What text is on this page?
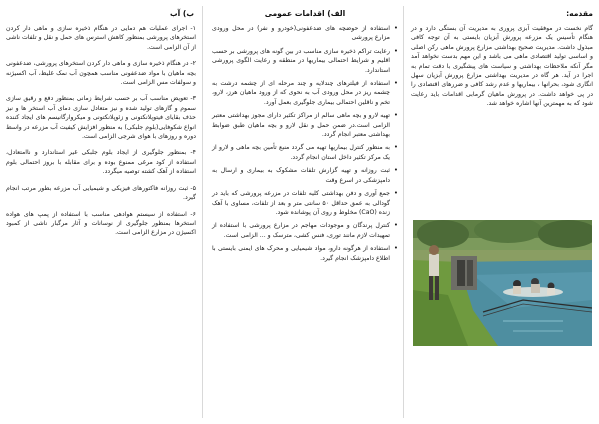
مقدمه:

گام نخست در موفقیت آبزی پروری به مدیریت آن بستگی دارد و در هنگام تأسیس یک مزرعه پرورش آبزیان بایستی به آن توجه کافی مبذول داشت. مدیریت صحیح بهداشتی مزارع پرورش ماهی رکن اصلی و اساسی تولید اقتصادی ماهی می باشد و این مهم بدست نخواهد آمد مگر آنکه ملاحظات بهداشتی و سیاست های پیشگیری با دقت تمام به اجرا در آید. هر گاه در مدیریت بهداشتی مزارع پرورش آبزیان سهل انگاری شود، بحرانها ، بیماریها و عدم رشد کافی و ضررهای اقتصادی را در پی خواهد داشت. در پرورش ماهیان گرمابی اقدامات باید رعایت شود که به مهمترین آنها اشاره خواهد شد.

الف) اقدامات عمومی

• استفاده از حوضچه های ضدعفونی(خودرو و نفر) در محل ورودی مزارع پرورشی

• رعایت تراکم ذخیره سازی مناسب در بین گونه های پرورشی بر حسب اقلیم و شرایط احتمالی بیماریها در منطقه و رعایت الگوی پرورشی استاندارد.

• استفاده از فیلترهای چندلایه و چند مرحله ای از چشمه درشت به چشمه ریز در محل ورودی آب به نحوی که از ورود ماهیان هرز، لارو، تخم و ناقلین احتمالی بیماری جلوگیری بعمل آورد.

• تهیه لارو و بچه ماهی سالم از مراکز تکثیر دارای مجوز بهداشتی معتبر الزامی است.در ضمن حمل و نقل لارو و بچه ماهیان طبق ضوابط بهداشتی معتبر انجام گردد.

• به منظور کنترل بیماریها تهیه می گردد منبع تأمین بچه ماهی و لارو از یک مرکز تکثیر داخل استان انجام گردد.

• ثبت روزانه و تهیه گزارش تلفات مشکوک به بیماری و ارسال به دامپزشکی در اسرع وقت

• جمع آوری و دفن بهداشتی کلیه تلفات در مزرعه پرورشی که باید در گودالی به عمق حداقل ۵۰ سانتی متر و بعد از تلفات، مساوی با آهک زنده (CaO) مخلوط و روی آن پوشانده شود.

• کنترل پرندگان و موجودات مهاجم در مزارع پرورشی با استفاده از تمهیدات لازم مانند توری، فنس کشی، مترسک و ... الزامی است.

• استفاده از هرگونه دارو، مواد شیمیایی و محرک های ایمنی بایستی با اطلاع دامپزشک انجام گیرد.

ب) آب

۱- اجرای عملیات هم دمایی در هنگام ذخیره سازی و ماهی دار کردن استخرهای پرورشی بمنظور کاهش استرس های حمل و نقل و تلفات ناشی از آن الزامی است.

۲- در هنگام ذخیره سازی و ماهی دار کردن استخرهای پرورشی، ضدعفونی بچه ماهیان با مواد ضدعفونی مناسب همچون آب نمک غلیظ، آب اکسیژنه و سولفات مس الزامی است.

۳- تعویض مناسب آب بر حسب شرایط زمانی بمنظور دفع و رقیق سازی سموم و گازهای تولید شده و نیز متعادل سازی دمای آب استخر ها و نیز حذف بقایای فیتوپلانکتونی و زئوپلانکتونی و میکروارگانیسم های ایجاد کننده انواع شکوفایی(بلوم جلبکی) به منظور افزایش کیفیت آب مزرعه در واسط دوره و روزهای با هوای شرجی الزامی است.

۴- بمنظور جلوگیری از ایجاد بلوم جلبکی غیر استاندارد و ناامتعادل، استفاده از کود مرغی ممنوع بوده و برای مقابله با بروز احتمالی بلوم استفاده از آهک کشته توصیه میگردد.

۵- ثبت روزانه فاکتورهای فیزیکی و شیمیایی آب مزرعه بطور مرتب انجام گیرد.

۶- استفاده از سیستم هوادهی مناسب با استفاده از پمپ های هواده استخرها بمنظور جلوگیری از نوسانات و آثار مرگبار ناشی از کمبود اکسیژن در مزارع الزامی است.
